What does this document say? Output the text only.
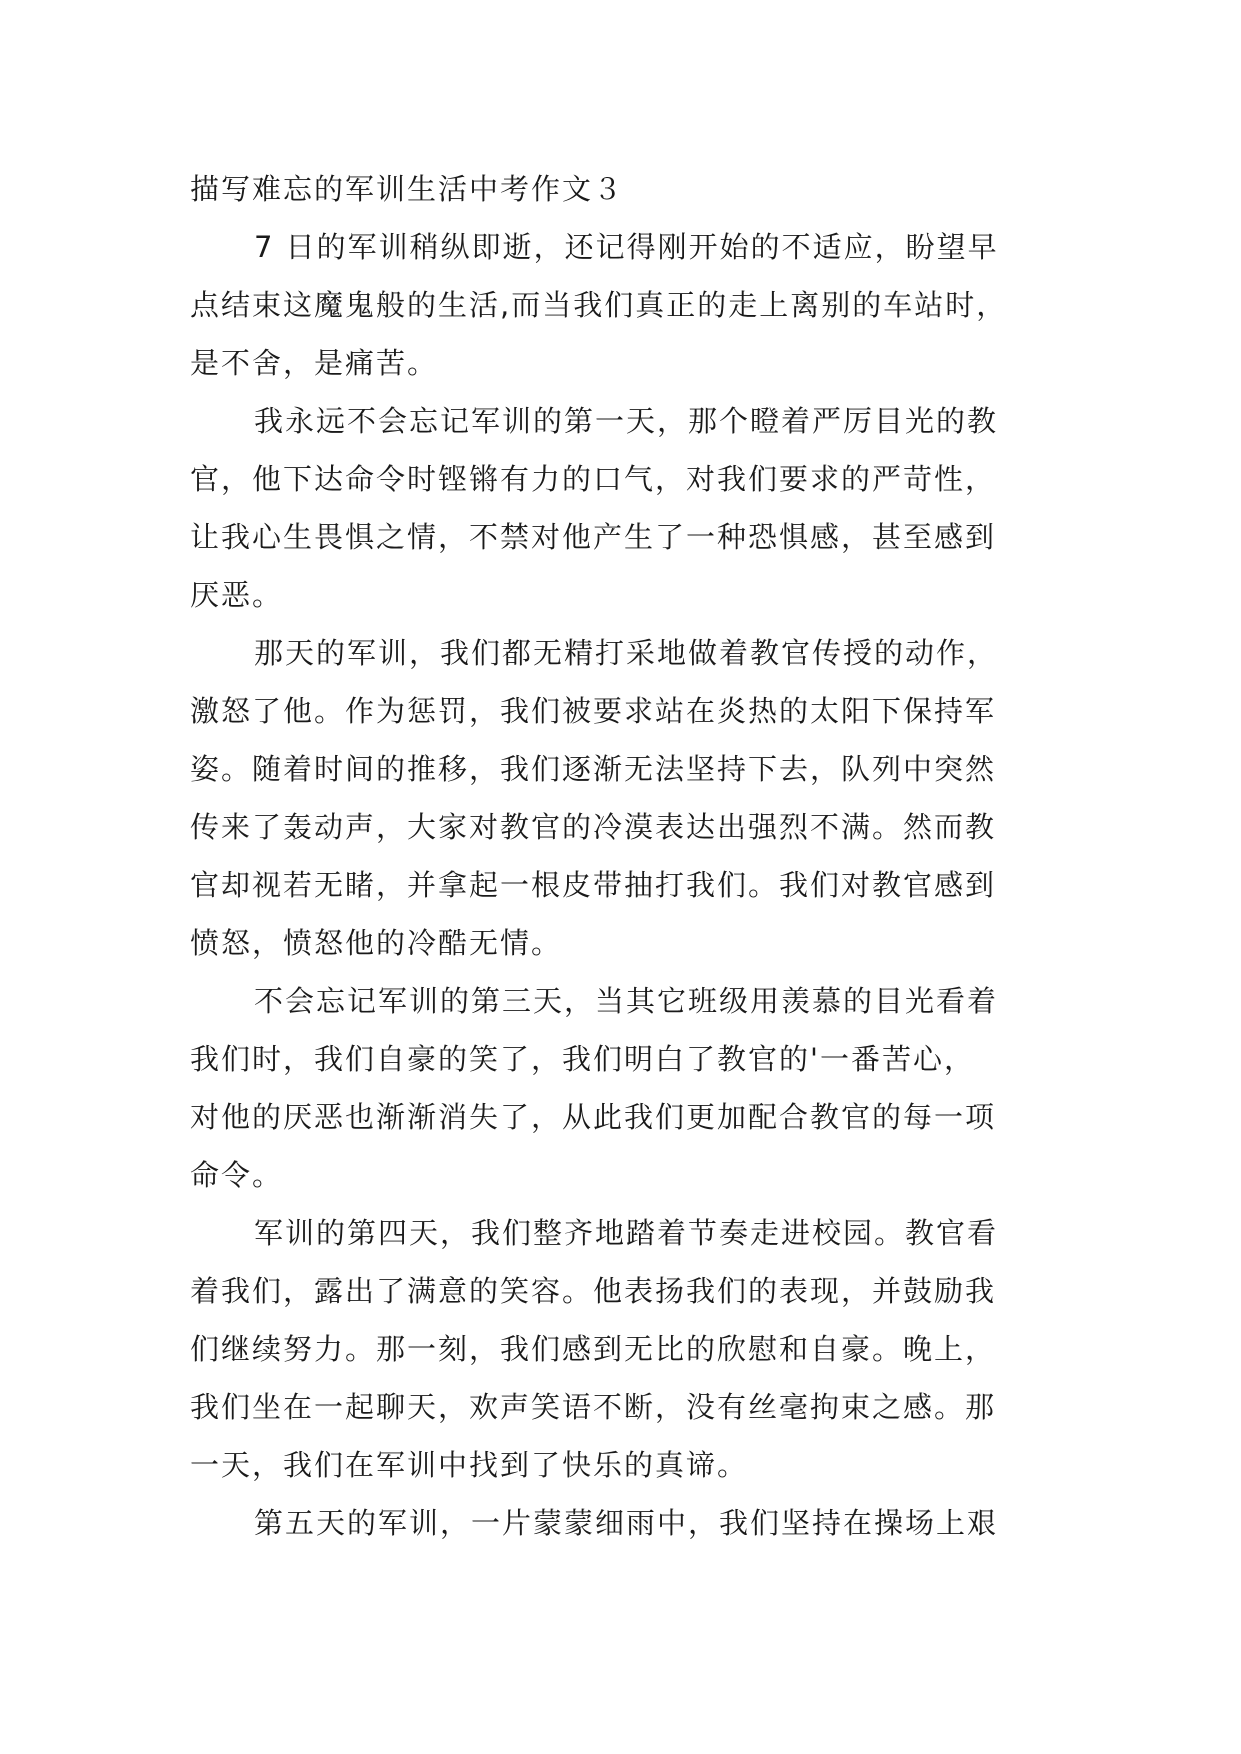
描写难忘的军训生活中考作文３
7 日的军训稍纵即逝，还记得刚开始的不适应，盼望早
点结束这魔鬼般的生活,而当我们真正的走上离别的车站时，
是不舍，是痛苦。
我永远不会忘记军训的第一天，那个瞪着严厉目光的教
官，他下达命令时铿锵有力的口气，对我们要求的严苛性，
让我心生畏惧之情，不禁对他产生了一种恐惧感，甚至感到
厌恶。
那天的军训，我们都无精打采地做着教官传授的动作，
激怒了他。作为惩罚，我们被要求站在炎热的太阳下保持军
姿。随着时间的推移，我们逐渐无法坚持下去，队列中突然
传来了轰动声，大家对教官的冷漠表达出强烈不满。然而教
官却视若无睹，并拿起一根皮带抽打我们。我们对教官感到
愤怒，愤怒他的冷酷无情。
不会忘记军训的第三天，当其它班级用羡慕的目光看着
我们时，我们自豪的笑了，我们明白了教官的'一番苦心，
对他的厌恶也渐渐消失了，从此我们更加配合教官的每一项
命令。
军训的第四天，我们整齐地踏着节奏走进校园。教官看
着我们，露出了满意的笑容。他表扬我们的表现，并鼓励我
们继续努力。那一刻，我们感到无比的欣慰和自豪。晚上，
我们坐在一起聊天，欢声笑语不断，没有丝毫拘束之感。那
一天，我们在军训中找到了快乐的真谛。
第五天的军训，一片蒙蒙细雨中，我们坚持在操场上艰
